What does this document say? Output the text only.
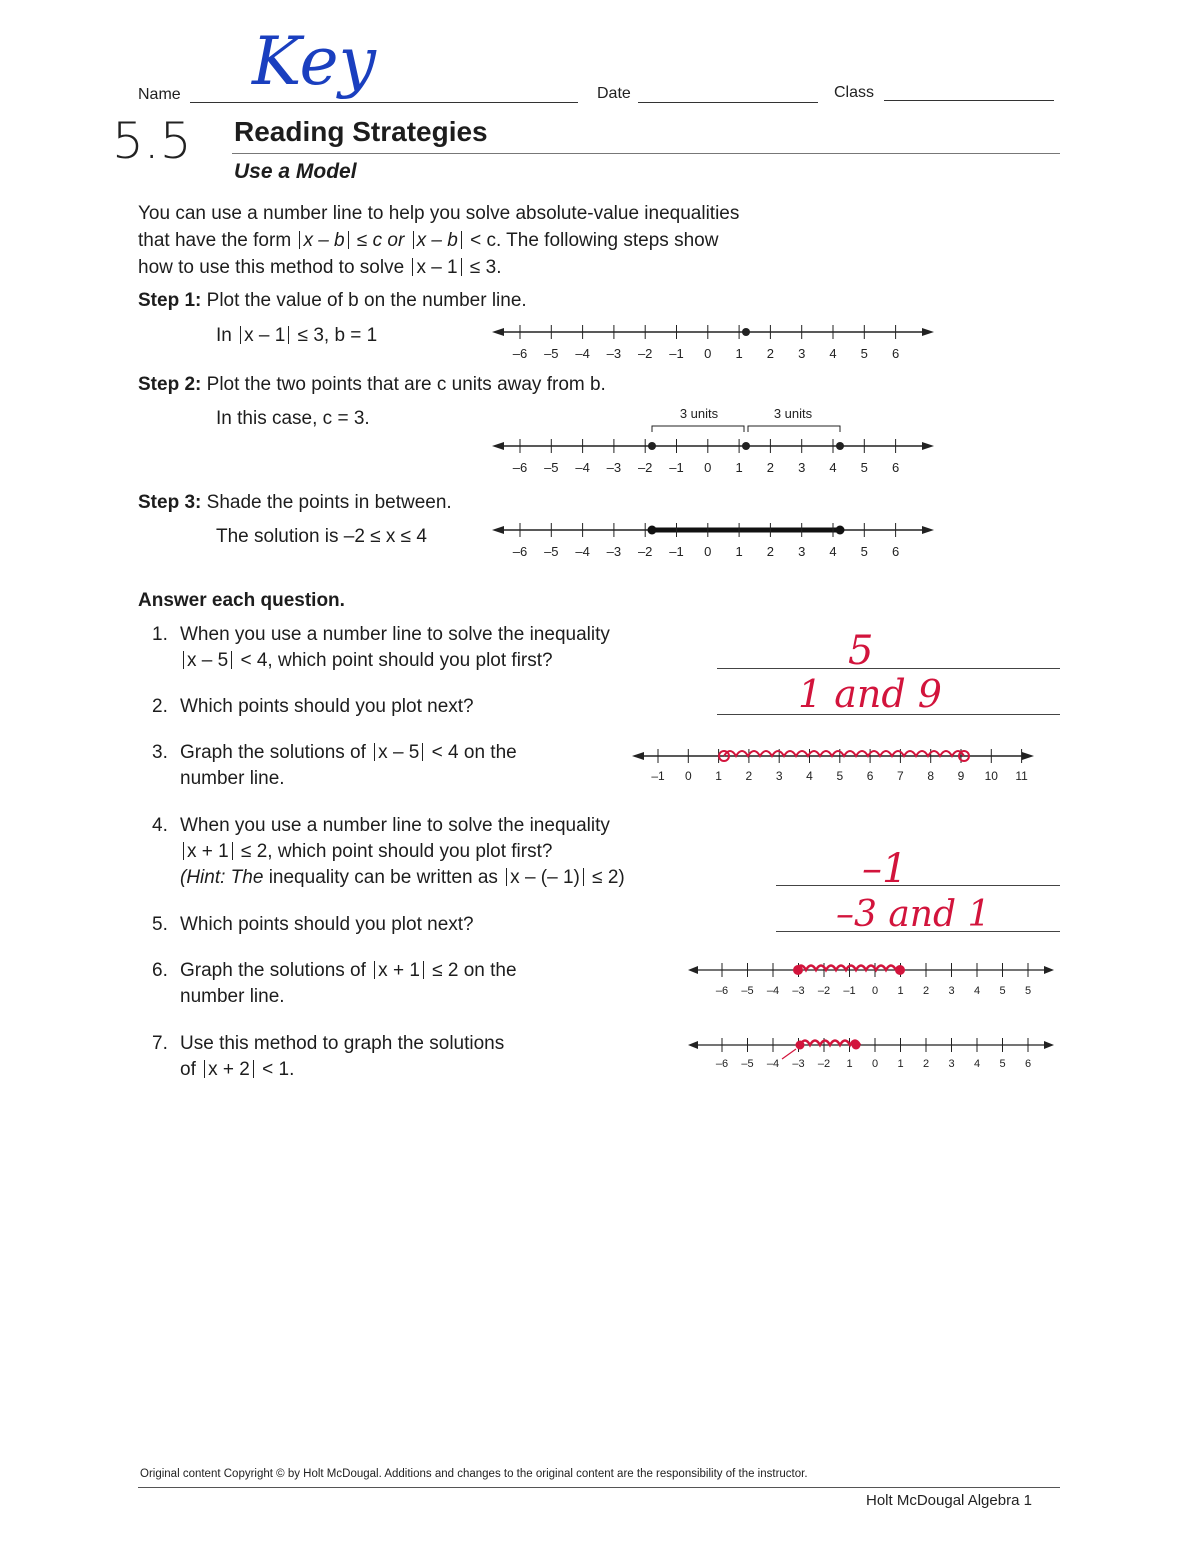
Name Key	Date	Class
5.5 Reading Strategies
Use a Model
You can use a number line to help you solve absolute-value inequalities
that have the form x – b ≤ c or x – b < c. The following steps show
how to use this method to solve x – 1 ≤ 3.
Step 1: Plot the value of b on the number line.
In x – 1 ≤ 3, b = 1
Step 2: Plot the two points that are c units away from b.
In this case, c = 3.
Step 3: Shade the points in between.
The solution is –2 ≤ x ≤ 4
–6 –5 –4 –3 –2 –1 0 1 2 3 4 5 6
3 units	3 units
–6 –5 –4 –3 –2 –1 0 1 2 3 4 5 6
–6 –5 –4 –3 –2 –1 0 1 2 3 4 5 6
Answer each question.
1. When you use a number line to solve the inequality
x – 5 < 4, which point should you plot first?	5
2. Which points should you plot next?	1 and 9
3. Graph the solutions of x – 5 < 4 on the
number line.	–1 0 1 2 3 4 5 6 7 8 9 10 11
4. When you use a number line to solve the inequality
x + 1 ≤ 2, which point should you plot first?
(Hint: The inequality can be written as x – (– 1) ≤ 2)	–1
5. Which points should you plot next?	–3 and 1
6. Graph the solutions of x + 1 ≤ 2 on the
number line.	–6 –5 –4 –3 –2 –1 0 1 2 3 4 5 5
7. Use this method to graph the solutions
of x + 2 < 1.	–6 –5 –4 –3 –2 1 0 1 2 3 4 5 6
Original content Copyright © by Holt McDougal. Additions and changes to the original content are the responsibility of the instructor.
Holt McDougal Algebra 1
